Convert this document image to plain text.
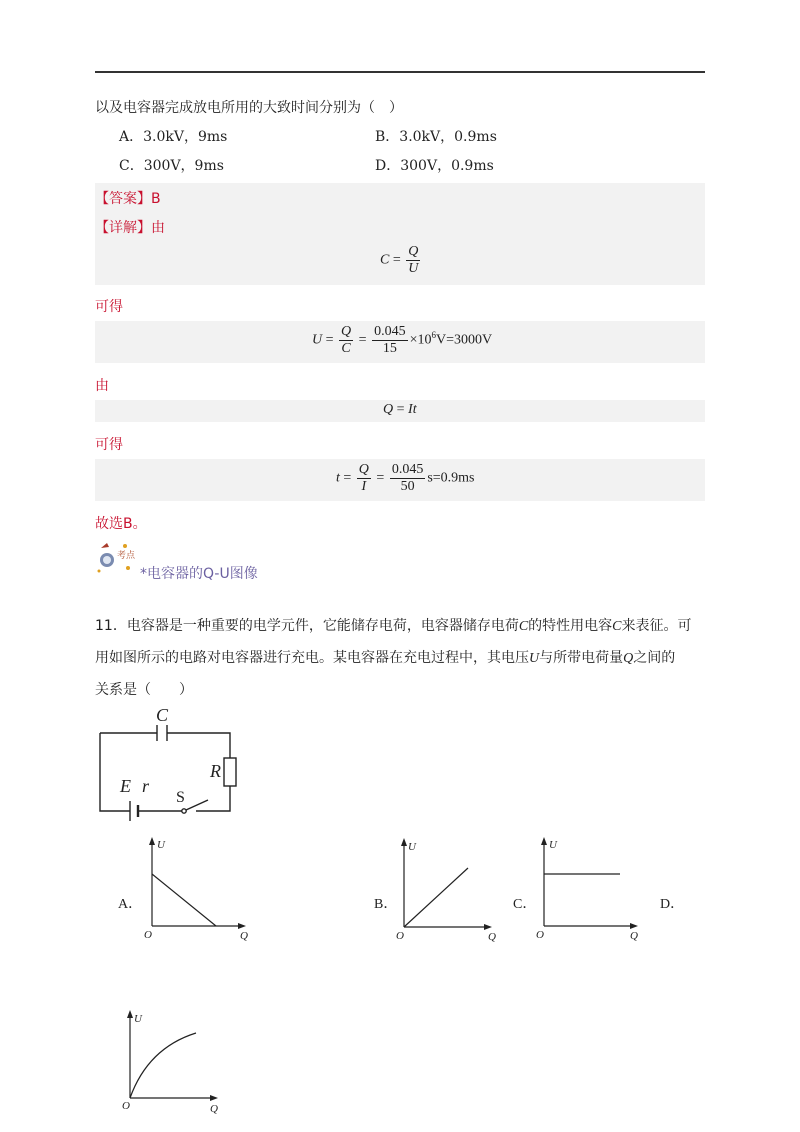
以及电容器完成放电所用的大致时间分别为（　）
A．3.0kV，9ms	B．3.0kV，0.9ms
C．300V，9ms	D．300V，0.9ms
【答案】B
【详解】由
$C = \frac{Q}{U}$
可得
$U = \frac{Q}{C} = \frac{0.045}{15} \times 10^6V=3000V$
由
Q = It
可得
$t = \frac{Q}{I} = \frac{0.045}{50} s=0.9ms$
故选B。
考点
*电容器的Q-U图像
11．电容器是一种重要的电学元件，它能储存电荷，电容器储存电荷C的特性用电容C来表征。可
用如图所示的电路对电容器进行充电。某电容器在充电过程中，其电压U与所带电荷量Q之间的
关系是（　　）
C
R
E r
S
A．
U
Q
O
B．
U
Q
O
C．
U
Q
O
D．
U
Q
O
